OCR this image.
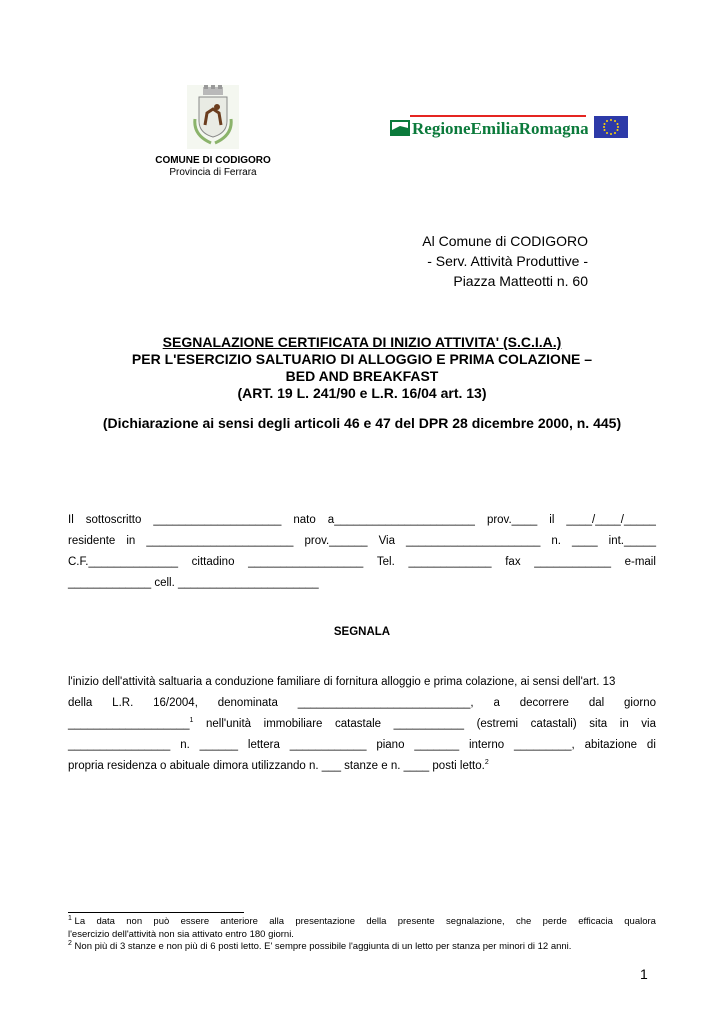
COMUNE DI CODIGORO
Provincia di Ferrara
RegioneEmiliaRomagna
Al Comune di CODIGORO
- Serv. Attività Produttive -
Piazza Matteotti n. 60
SEGNALAZIONE CERTIFICATA DI INIZIO ATTIVITA' (S.C.I.A.)
PER L'ESERCIZIO SALTUARIO DI ALLOGGIO E PRIMA COLAZIONE –
BED AND BREAKFAST
(ART. 19 L. 241/90 e L.R. 16/04 art. 13)
(Dichiarazione ai sensi degli articoli 46 e 47 del DPR 28 dicembre 2000, n. 445)
Il sottoscritto ____________________ nato a______________________ prov.____ il ____/____/_____
residente in _______________________ prov.______ Via _____________________ n. ____ int._____
C.F.______________ cittadino __________________ Tel. _____________ fax ____________ e-mail
_____________ cell. ______________________
SEGNALA
l'inizio dell'attività saltuaria a conduzione familiare di fornitura alloggio e prima colazione, ai sensi dell'art. 13
della L.R. 16/2004, denominata ___________________________, a decorrere dal giorno
___________________$^1$ nell'unità immobiliare catastale ___________ (estremi catastali) sita in via
________________ n. ______ lettera ____________ piano _______ interno _________, abitazione di
propria residenza o abituale dimora utilizzando n. ___ stanze e n. ____ posti letto.$^2$
$^1$ La data non può essere anteriore alla presentazione della presente segnalazione, che perde efficacia qualora
l'esercizio dell'attività non sia attivato entro 180 giorni.
$^2$ Non più di 3 stanze e non più di 6 posti letto. E' sempre possibile l'aggiunta di un letto per stanza per minori di 12 anni.
1
